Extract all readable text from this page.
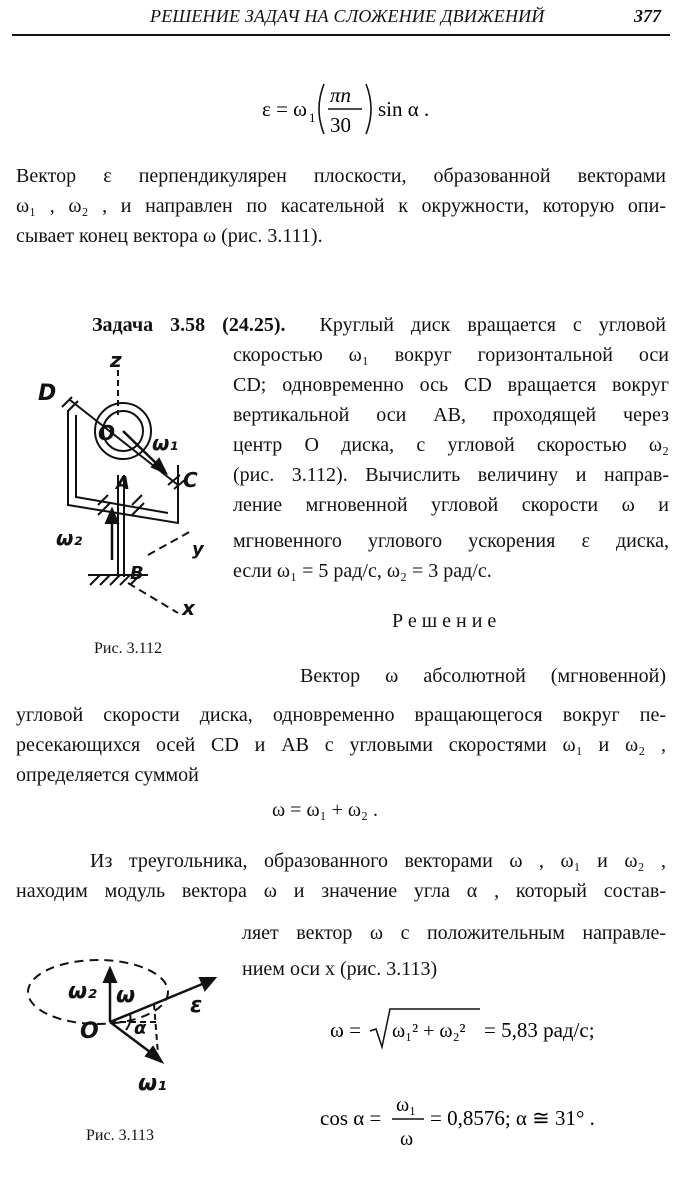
РЕШЕНИЕ ЗАДАЧ НА СЛОЖЕНИЕ ДВИЖЕНИЙ	377
ε = ω 1
πn
30
sin α .
Вектор ε перпендикулярен плоскости, образованной векторами
ω₁ , ω₂ , и направлен по касательной к окружности, которую опи-
сывает конец вектора ω (рис. 3.111).
Задача 3.58 (24.25). Круглый диск вращается с угловой
скоростью ω₁ вокруг горизонтальной оси
CD; одновременно ось CD вращается вокруг
вертикальной оси AB, проходящей через
центр O диска, с угловой скоростью ω₂
(рис. 3.112). Вычислить величину и направ-
ление мгновенной угловой скорости ω и
мгновенного углового ускорения ε диска,
если ω₁ = 5 рад/с, ω₂ = 3 рад/с.
Решение
z
D
O ω₁
C
A
ω₂	y
B
x
Рис. 3.112
Вектор ω абсолютной (мгновенной)
угловой скорости диска, одновременно вращающегося вокруг пе-
ресекающихся осей CD и AB с угловыми скоростями ω₁ и ω₂ ,
определяется суммой
ω = ω₁ + ω₂ .
Из треугольника, образованного векторами ω , ω₁ и ω₂ ,
находим модуль вектора ω и значение угла α , который состав-
ляет вектор ω с положительным направле-
нием оси x (рис. 3.113)
ω = ω₁² + ω₂² = 5,83 рад/с;
cos α =
ω₁
ω
= 0,8576; α ≅ 31° .
ω₂ ω ε
O α
ω₁
Рис. 3.113
